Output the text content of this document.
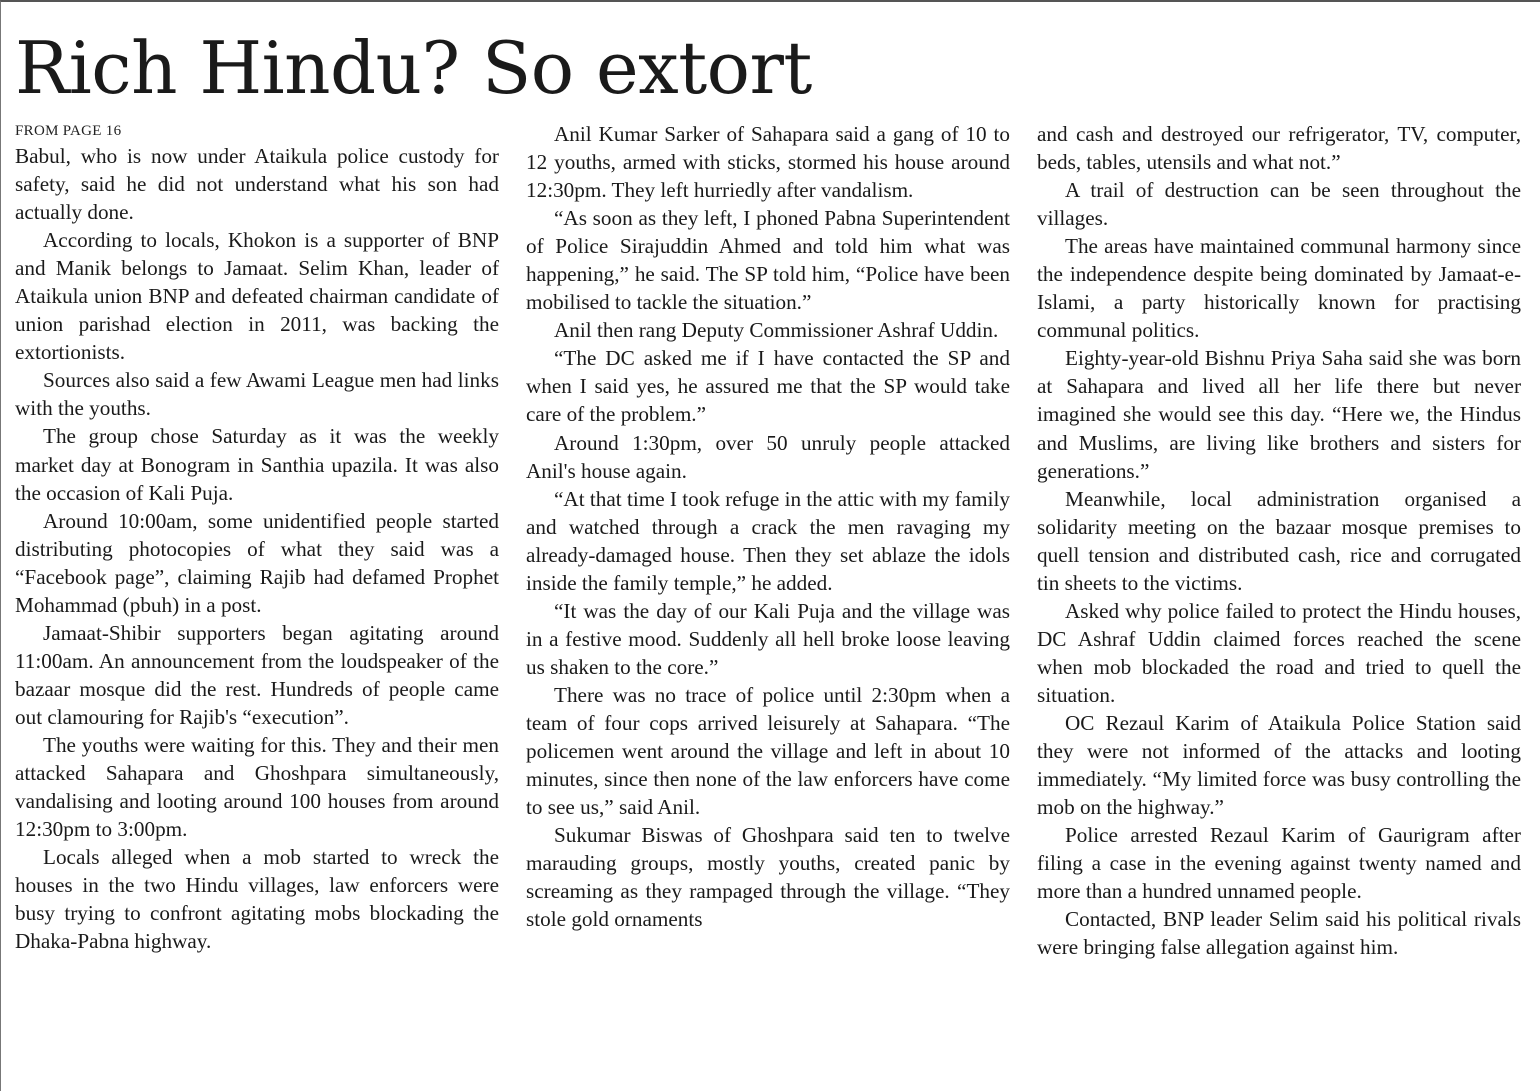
Rich Hindu? So extort
FROM PAGE 16

Babul, who is now under Ataikula police custody for safety, said he did not understand what his son had actually done.

According to locals, Khokon is a supporter of BNP and Manik belongs to Jamaat. Selim Khan, leader of Ataikula union BNP and defeated chairman candidate of union parishad election in 2011, was backing the extortionists.

Sources also said a few Awami League men had links with the youths.

The group chose Saturday as it was the weekly market day at Bonogram in Santhia upazila. It was also the occasion of Kali Puja.

Around 10:00am, some unidentified people started distributing photocopies of what they said was a “Facebook page”, claiming Rajib had defamed Prophet Mohammad (pbuh) in a post.

Jamaat-Shibir supporters began agitating around 11:00am. An announcement from the loudspeaker of the bazaar mosque did the rest. Hundreds of people came out clamouring for Rajib's “execution”.

The youths were waiting for this. They and their men attacked Sahapara and Ghoshpara simultaneously, vandalising and looting around 100 houses from around 12:30pm to 3:00pm.

Locals alleged when a mob started to wreck the houses in the two Hindu villages, law enforcers were busy trying to confront agitating mobs blockading the Dhaka-Pabna highway.

Anil Kumar Sarker of Sahapara said a gang of 10 to 12 youths, armed with sticks, stormed his house around 12:30pm. They left hurriedly after vandalism.

“As soon as they left, I phoned Pabna Superintendent of Police Sirajuddin Ahmed and told him what was happening,” he said. The SP told him, “Police have been mobilised to tackle the situation.”

Anil then rang Deputy Commissioner Ashraf Uddin.

“The DC asked me if I have contacted the SP and when I said yes, he assured me that the SP would take care of the problem.”

Around 1:30pm, over 50 unruly people attacked Anil's house again.

“At that time I took refuge in the attic with my family and watched through a crack the men ravaging my already-damaged house. Then they set ablaze the idols inside the family temple,” he added.

“It was the day of our Kali Puja and the village was in a festive mood. Suddenly all hell broke loose leaving us shaken to the core.”

There was no trace of police until 2:30pm when a team of four cops arrived leisurely at Sahapara. “The policemen went around the village and left in about 10 minutes, since then none of the law enforcers have come to see us,” said Anil.

Sukumar Biswas of Ghoshpara said ten to twelve marauding groups, mostly youths, created panic by screaming as they rampaged through the village. “They stole gold ornaments

and cash and destroyed our refrigerator, TV, computer, beds, tables, utensils and what not.”

A trail of destruction can be seen throughout the villages.

The areas have maintained communal harmony since the independence despite being dominated by Jamaat-e-Islami, a party historically known for practising communal politics.

Eighty-year-old Bishnu Priya Saha said she was born at Sahapara and lived all her life there but never imagined she would see this day. “Here we, the Hindus and Muslims, are living like brothers and sisters for generations.”

Meanwhile, local administration organised a solidarity meeting on the bazaar mosque premises to quell tension and distributed cash, rice and corrugated tin sheets to the victims.

Asked why police failed to protect the Hindu houses, DC Ashraf Uddin claimed forces reached the scene when mob blockaded the road and tried to quell the situation.

OC Rezaul Karim of Ataikula Police Station said they were not informed of the attacks and looting immediately. “My limited force was busy controlling the mob on the highway.”

Police arrested Rezaul Karim of Gaurigram after filing a case in the evening against twenty named and more than a hundred unnamed people.

Contacted, BNP leader Selim said his political rivals were bringing false allegation against him.
